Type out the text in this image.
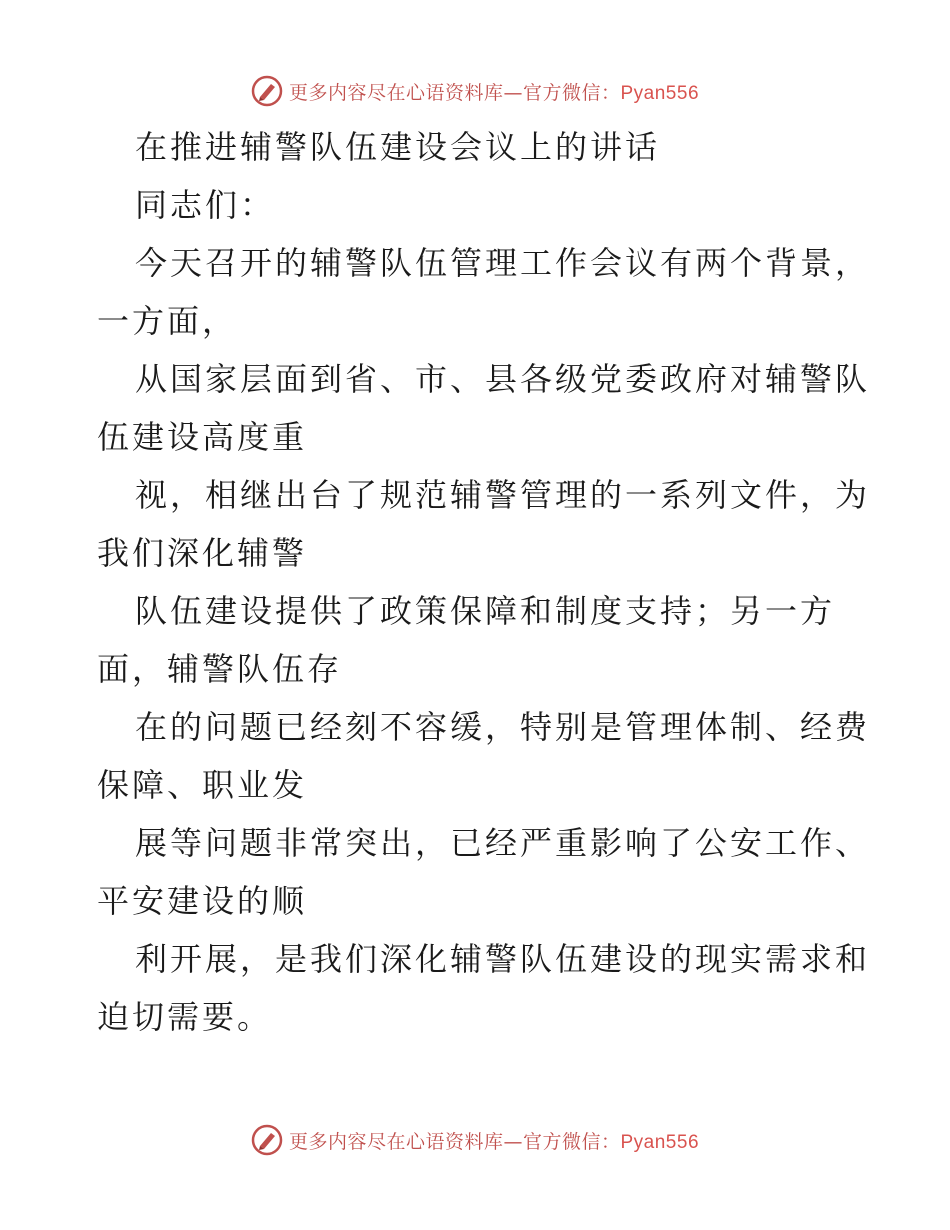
更多内容尽在心语资料库—官方微信：Pyan556
在推进辅警队伍建设会议上的讲话
同志们：
今天召开的辅警队伍管理工作会议有两个背景，
一方面，
从国家层面到省、市、县各级党委政府对辅警队
伍建设高度重
视，相继出台了规范辅警管理的一系列文件，为
我们深化辅警
队伍建设提供了政策保障和制度支持；另一方
面，辅警队伍存
在的问题已经刻不容缓，特别是管理体制、经费
保障、职业发
展等问题非常突出，已经严重影响了公安工作、
平安建设的顺
利开展，是我们深化辅警队伍建设的现实需求和
迫切需要。
更多内容尽在心语资料库—官方微信：Pyan556
